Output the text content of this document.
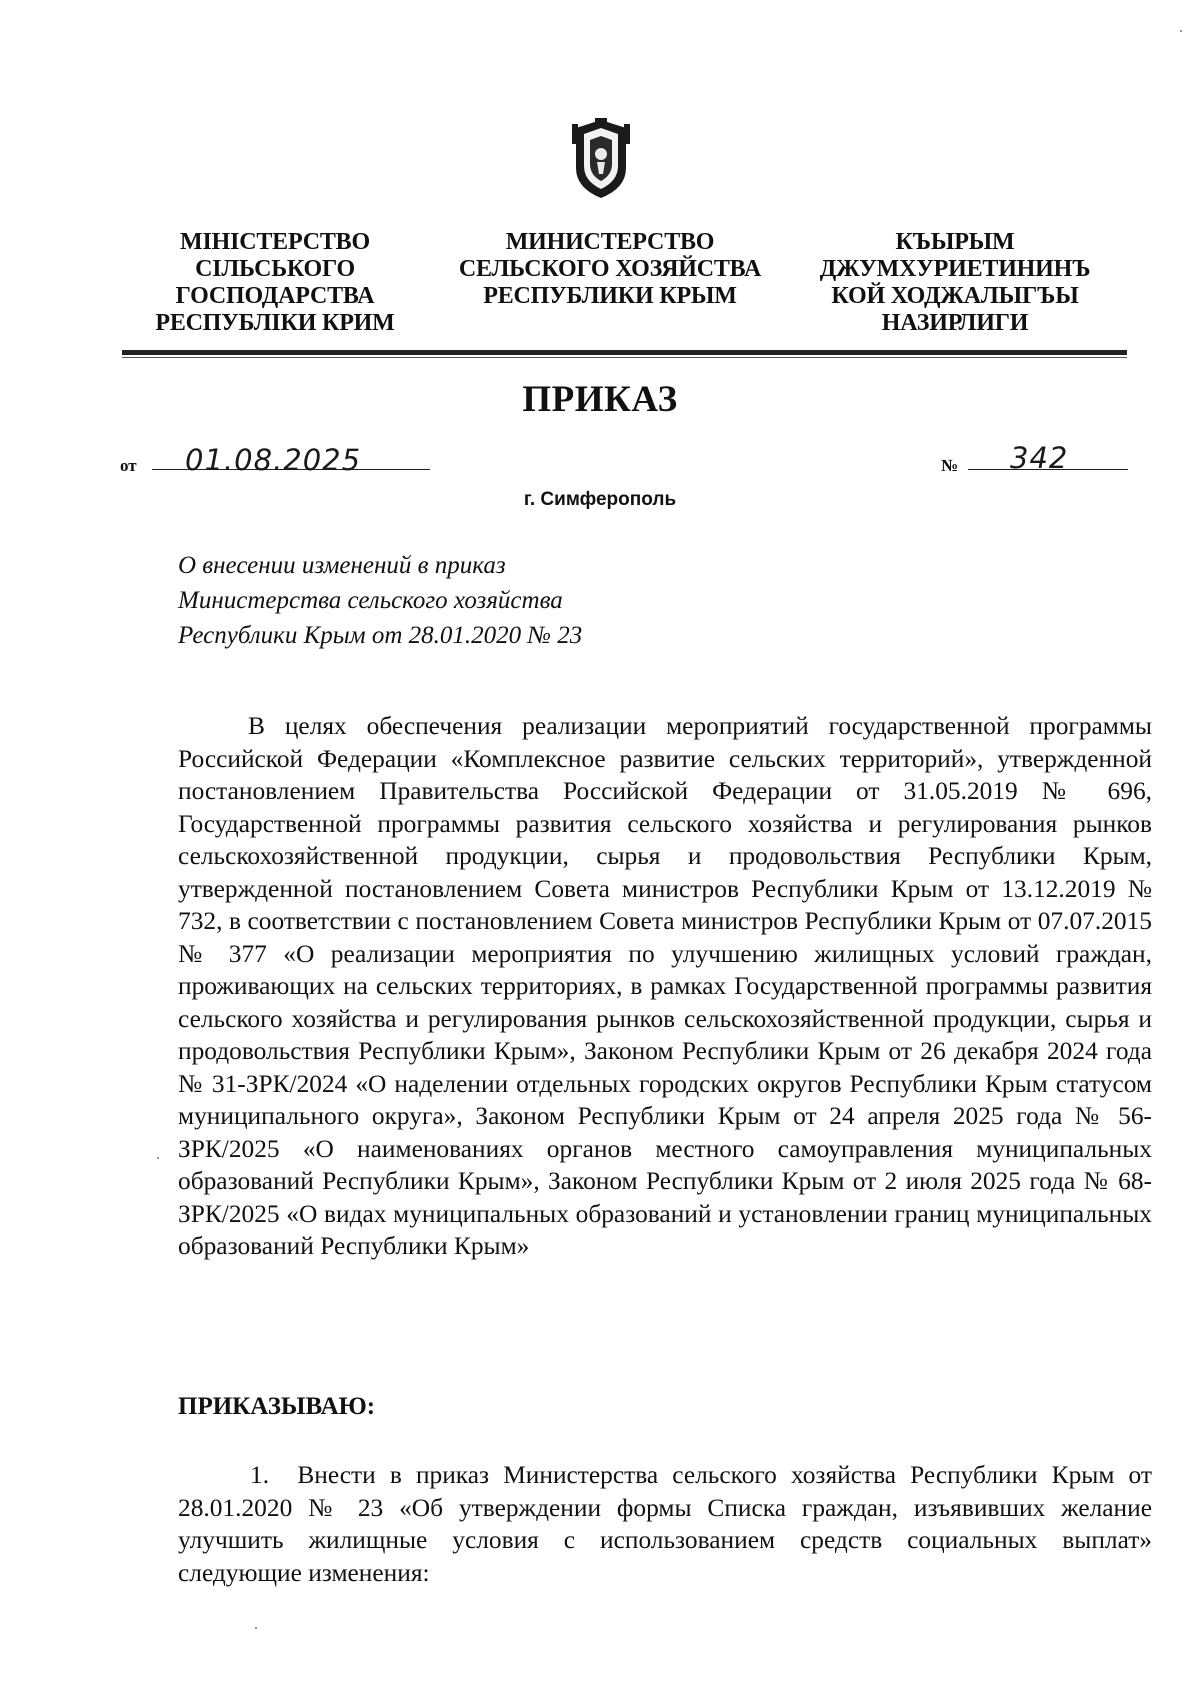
МІНІСТЕРСТВО
СІЛЬСЬКОГО
ГОСПОДАРСТВА
РЕСПУБЛІКИ КРИМ
МИНИСТЕРСТВО
СЕЛЬСКОГО ХОЗЯЙСТВА
РЕСПУБЛИКИ КРЫМ
КЪЫРЫМ
ДЖУМХУРИЕТИНИНЪ
КОЙ ХОДЖАЛЫГЪЫ
НАЗИРЛИГИ
ПРИКАЗ
от 01.08.2025	№ 342
г. Симферополь
О внесении изменений в приказ
Министерства сельского хозяйства
Республики Крым от 28.01.2020 № 23
В целях обеспечения реализации мероприятий государственной программы Российской Федерации «Комплексное развитие сельских территорий», утвержденной постановлением Правительства Российской Федерации от 31.05.2019 № 696, Государственной программы развития сельского хозяйства и регулирования рынков сельскохозяйственной продукции, сырья и продовольствия Республики Крым, утвержденной постановлением Совета министров Республики Крым от 13.12.2019 № 732, в соответствии с постановлением Совета министров Республики Крым от 07.07.2015 № 377 «О реализации мероприятия по улучшению жилищных условий граждан, проживающих на сельских территориях, в рамках Государственной программы развития сельского хозяйства и регулирования рынков сельскохозяйственной продукции, сырья и продовольствия Республики Крым», Законом Республики Крым от 26 декабря 2024 года № 31-ЗРК/2024 «О наделении отдельных городских округов Республики Крым статусом муниципального округа», Законом Республики Крым от 24 апреля 2025 года № 56-ЗРК/2025 «О наименованиях органов местного самоуправления муниципальных образований Республики Крым», Законом Республики Крым от 2 июля 2025 года № 68-ЗРК/2025 «О видах муниципальных образований и установлении границ муниципальных образований Республики Крым»
ПРИКАЗЫВАЮ:
1. Внести в приказ Министерства сельского хозяйства Республики Крым от 28.01.2020 № 23 «Об утверждении формы Списка граждан, изъявивших желание улучшить жилищные условия с использованием средств социальных выплат» следующие изменения:
